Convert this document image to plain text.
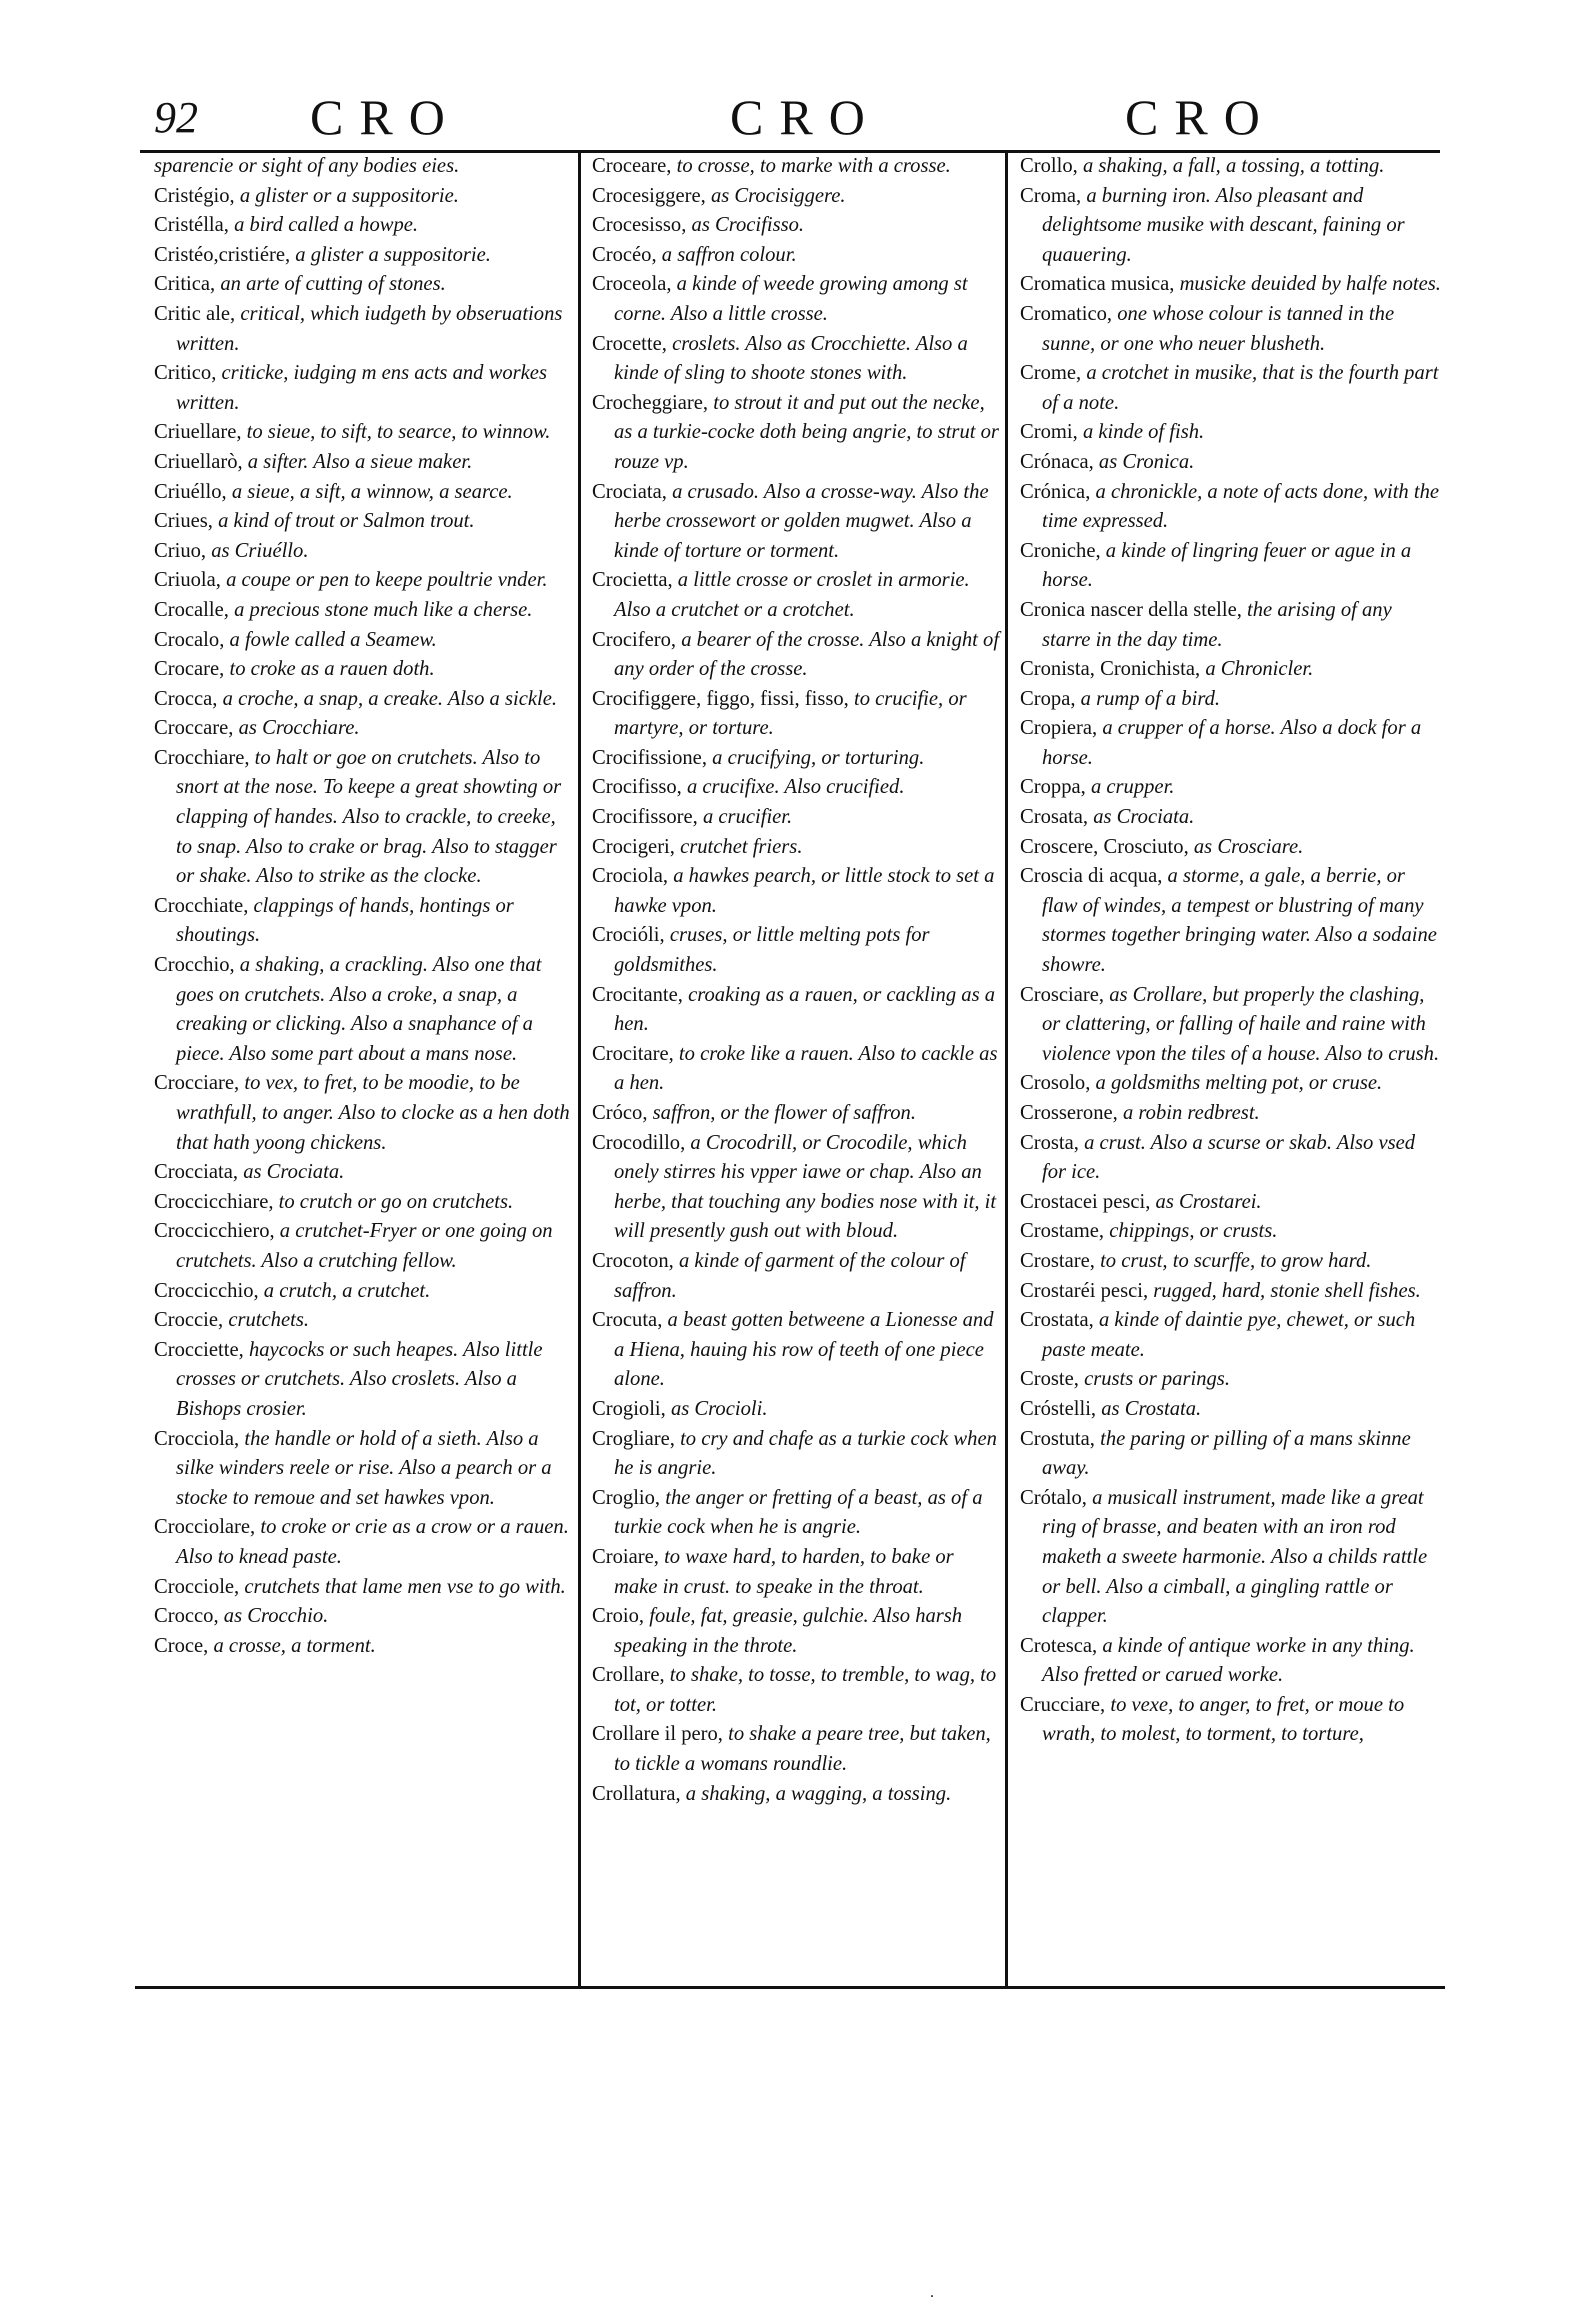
92 CRO	CRO	CRO

sparencie or sight of any bodies eies.

Cristégio, a glister or a suppositorie.

Cristélla, a bird called a howpe.

Cristéo,cristiére, a glister a suppositorie.

Critica, an arte of cutting of stones.

Critic ale, critical, which iudgeth by obseruations written.

Critico, criticke, iudging m ens acts and workes written.

Criuellare, to sieue, to sift, to searce, to winnow.

Criuellarò, a sifter. Also a sieue maker.

Criuéllo, a sieue, a sift, a winnow, a searce.

Criues, a kind of trout or Salmon trout.

Criuo, as Criuéllo.

Criuola, a coupe or pen to keepe poultrie vnder.

Crocalle, a precious stone much like a cherse.

Crocalo, a fowle called a Seamew.

Crocare, to croke as a rauen doth.

Crocca, a croche, a snap, a creake. Also a sickle.

Croccare, as Crocchiare.

Crocchiare, to halt or goe on crutchets. Also to snort at the nose. To keepe a great showting or clapping of handes. Also to crackle, to creeke, to snap. Also to crake or brag. Also to stagger or shake. Also to strike as the clocke.

Crocchiate, clappings of hands, hontings or shoutings.

Crocchio, a shaking, a crackling. Also one that goes on crutchets. Also a croke, a snap, a creaking or clicking. Also a snaphance of a piece. Also some part about a mans nose.

Crocciare, to vex, to fret, to be moodie, to be wrathfull, to anger. Also to clocke as a hen doth that hath yoong chickens.

Crocciata, as Crociata.

Croccicchiare, to crutch or go on crutchets.

Croccicchiero, a crutchet-Fryer or one going on crutchets. Also a crutching fellow.

Croccicchio, a crutch, a crutchet.

Croccie, crutchets.

Crocciette, haycocks or such heapes. Also little crosses or crutchets. Also croslets. Also a Bishops crosier.

Crocciola, the handle or hold of a sieth. Also a silke winders reele or rise. Also a pearch or a stocke to remoue and set hawkes vpon.

Crocciolare, to croke or crie as a crow or a rauen. Also to knead paste.

Crocciole, crutchets that lame men vse to go with.

Crocco, as Crocchio.

Croce, a crosse, a torment.

Croceare, to crosse, to marke with a crosse.

Crocesiggere, as Crocisiggere.

Crocesisso, as Crocifisso.

Crocéo, a saffron colour.

Croceola, a kinde of weede growing among st corne. Also a little crosse.

Crocette, croslets. Also as Crocchiette. Also a kinde of sling to shoote stones with.

Crocheggiare, to strout it and put out the necke, as a turkie-cocke doth being angrie, to strut or rouze vp.

Crociata, a crusado. Also a crosse-way. Also the herbe crossewort or golden mugwet. Also a kinde of torture or torment.

Crocietta, a little crosse or croslet in armorie. Also a crutchet or a crotchet.

Crocifero, a bearer of the crosse. Also a knight of any order of the crosse.

Crocifiggere, figgo, fissi, fisso, to crucifie, or martyre, or torture.

Crocifissione, a crucifying, or torturing.

Crocifisso, a crucifixe. Also crucified.

Crocifissore, a crucifier.

Crocigeri, crutchet friers.

Crociola, a hawkes pearch, or little stock to set a hawke vpon.

Crocióli, cruses, or little melting pots for goldsmithes.

Crocitante, croaking as a rauen, or cackling as a hen.

Crocitare, to croke like a rauen. Also to cackle as a hen.

Cróco, saffron, or the flower of saffron.

Crocodillo, a Crocodrill, or Crocodile, which onely stirres his vpper iawe or chap. Also an herbe, that touching any bodies nose with it, it will presently gush out with bloud.

Crocoton, a kinde of garment of the colour of saffron.

Crocuta, a beast gotten betweene a Lionesse and a Hiena, hauing his row of teeth of one piece alone.

Crogioli, as Crocioli.

Crogliare, to cry and chafe as a turkie cock when he is angrie.

Croglio, the anger or fretting of a beast, as of a turkie cock when he is angrie.

Croiare, to waxe hard, to harden, to bake or make in crust. to speake in the throat.

Croio, foule, fat, greasie, gulchie. Also harsh speaking in the throte.

Crollare, to shake, to tosse, to tremble, to wag, to tot, or totter.

Crollare il pero, to shake a peare tree, but taken, to tickle a womans roundlie.

Crollatura, a shaking, a wagging, a tossing.

Crollo, a shaking, a fall, a tossing, a totting.

Croma, a burning iron. Also pleasant and delightsome musike with descant, faining or quauering.

Cromatica musica, musicke deuided by halfe notes.

Cromatico, one whose colour is tanned in the sunne, or one who neuer blusheth.

Crome, a crotchet in musike, that is the fourth part of a note.

Cromi, a kinde of fish.

Crónaca, as Cronica.

Crónica, a chronickle, a note of acts done, with the time expressed.

Croniche, a kinde of lingring feuer or ague in a horse.

Cronica nascer della stelle, the arising of any starre in the day time.

Cronista, Cronichista, a Chronicler.

Cropa, a rump of a bird.

Cropiera, a crupper of a horse. Also a dock for a horse.

Croppa, a crupper.

Crosata, as Crociata.

Croscere, Crosciuto, as Crosciare.

Croscia di acqua, a storme, a gale, a berrie, or flaw of windes, a tempest or blustring of many stormes together bringing water. Also a sodaine showre.

Crosciare, as Crollare, but properly the clashing, or clattering, or falling of haile and raine with violence vpon the tiles of a house. Also to crush.

Crosolo, a goldsmiths melting pot, or cruse.

Crosserone, a robin redbrest.

Crosta, a crust. Also a scurse or skab. Also vsed for ice.

Crostacei pesci, as Crostarei.

Crostame, chippings, or crusts.

Crostare, to crust, to scurffe, to grow hard.

Crostaréi pesci, rugged, hard, stonie shell fishes.

Crostata, a kinde of daintie pye, chewet, or such paste meate.

Croste, crusts or parings.

Cróstelli, as Crostata.

Crostuta, the paring or pilling of a mans skinne away.

Crótalo, a musicall instrument, made like a great ring of brasse, and beaten with an iron rod maketh a sweete harmonie. Also a childs rattle or bell. Also a cimball, a gingling rattle or clapper.

Crotesca, a kinde of antique worke in any thing. Also fretted or carued worke.

Crucciare, to vexe, to anger, to fret, or moue to wrath, to molest, to torment, to torture,

.
